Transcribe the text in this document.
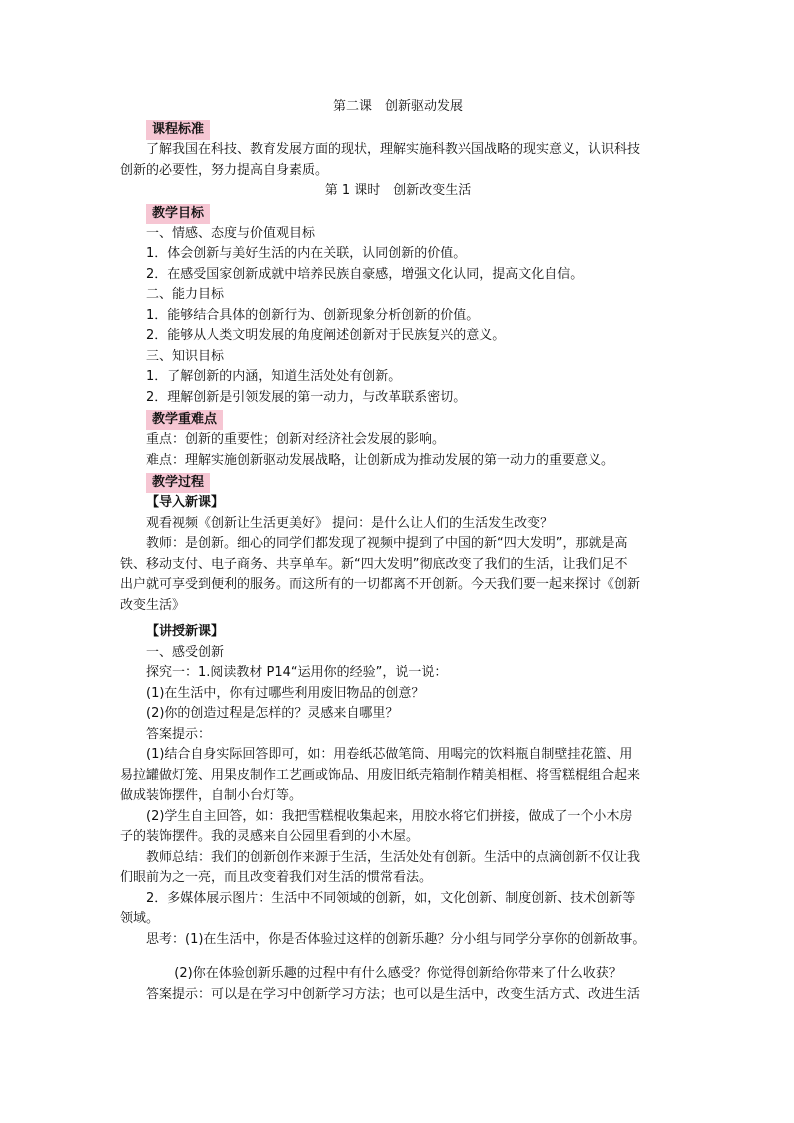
第二课　创新驱动发展
课程标准
了解我国在科技、教育发展方面的现状，理解实施科教兴国战略的现实意义，认识科技
创新的必要性，努力提高自身素质。
第 1 课时　创新改变生活
教学目标
一、情感、态度与价值观目标
1．体会创新与美好生活的内在关联，认同创新的价值。
2．在感受国家创新成就中培养民族自豪感，增强文化认同，提高文化自信。
二、能力目标
1．能够结合具体的创新行为、创新现象分析创新的价值。
2．能够从人类文明发展的角度阐述创新对于民族复兴的意义。
三、知识目标
1．了解创新的内涵，知道生活处处有创新。
2．理解创新是引领发展的第一动力，与改革联系密切。
教学重难点
重点：创新的重要性；创新对经济社会发展的影响。
难点：理解实施创新驱动发展战略，让创新成为推动发展的第一动力的重要意义。
教学过程
【导入新课】
观看视频《创新让生活更美好》 提问：是什么让人们的生活发生改变？
教师：是创新。细心的同学们都发现了视频中提到了中国的新“四大发明”，那就是高
铁、移动支付、电子商务、共享单车。新“四大发明”彻底改变了我们的生活，让我们足不
出户就可享受到便利的服务。而这所有的一切都离不开创新。今天我们要一起来探讨《创新
改变生活》
【讲授新课】
一、感受创新
探究一：1.阅读教材 P14“运用你的经验”，说一说：
(1)在生活中，你有过哪些利用废旧物品的创意？
(2)你的创造过程是怎样的？灵感来自哪里？
答案提示：
(1)结合自身实际回答即可，如：用卷纸芯做笔筒、用喝完的饮料瓶自制壁挂花篮、用
易拉罐做灯笼、用果皮制作工艺画或饰品、用废旧纸壳箱制作精美相框、将雪糕棍组合起来
做成装饰摆件，自制小台灯等。
(2)学生自主回答，如：我把雪糕棍收集起来，用胶水将它们拼接，做成了一个小木房
子的装饰摆件。我的灵感来自公园里看到的小木屋。
教师总结：我们的创新创作来源于生活，生活处处有创新。生活中的点滴创新不仅让我
们眼前为之一亮，而且改变着我们对生活的惯常看法。
2．多媒体展示图片：生活中不同领域的创新，如，文化创新、制度创新、技术创新等
领域。
思考：(1)在生活中，你是否体验过这样的创新乐趣？分小组与同学分享你的创新故事。
(2)你在体验创新乐趣的过程中有什么感受？你觉得创新给你带来了什么收获？
答案提示：可以是在学习中创新学习方法；也可以是生活中，改变生活方式、改进生活
